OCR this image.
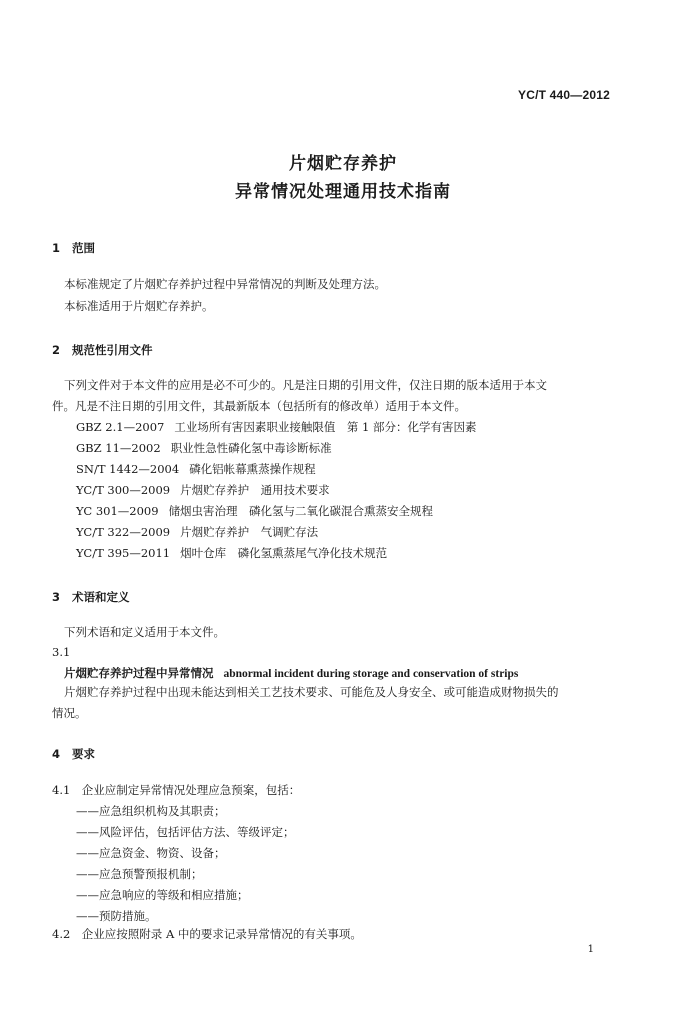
YC/T 440—2012
片烟贮存养护
异常情况处理通用技术指南
1 范围
本标准规定了片烟贮存养护过程中异常情况的判断及处理方法。
本标准适用于片烟贮存养护。
2 规范性引用文件
下列文件对于本文件的应用是必不可少的。凡是注日期的引用文件，仅注日期的版本适用于本文
件。凡是不注日期的引用文件，其最新版本（包括所有的修改单）适用于本文件。
GBZ 2.1—2007 工业场所有害因素职业接触限值　第 1 部分：化学有害因素
GBZ 11—2002 职业性急性磷化氢中毒诊断标准
SN/T 1442—2004 磷化铝帐幕熏蒸操作规程
YC/T 300—2009 片烟贮存养护　通用技术要求
YC 301—2009 储烟虫害治理　磷化氢与二氧化碳混合熏蒸安全规程
YC/T 322—2009 片烟贮存养护　气调贮存法
YC/T 395—2011 烟叶仓库　磷化氢熏蒸尾气净化技术规范
3 术语和定义
下列术语和定义适用于本文件。
3.1
片烟贮存养护过程中异常情况 abnormal incident during storage and conservation of strips
片烟贮存养护过程中出现未能达到相关工艺技术要求、可能危及人身安全、或可能造成财物损失的
情况。
4 要求
4.1　企业应制定异常情况处理应急预案，包括：
——应急组织机构及其职责；
——风险评估，包括评估方法、等级评定；
——应急资金、物资、设备；
——应急预警预报机制；
——应急响应的等级和相应措施；
——预防措施。
4.2　企业应按照附录 A 中的要求记录异常情况的有关事项。
1
